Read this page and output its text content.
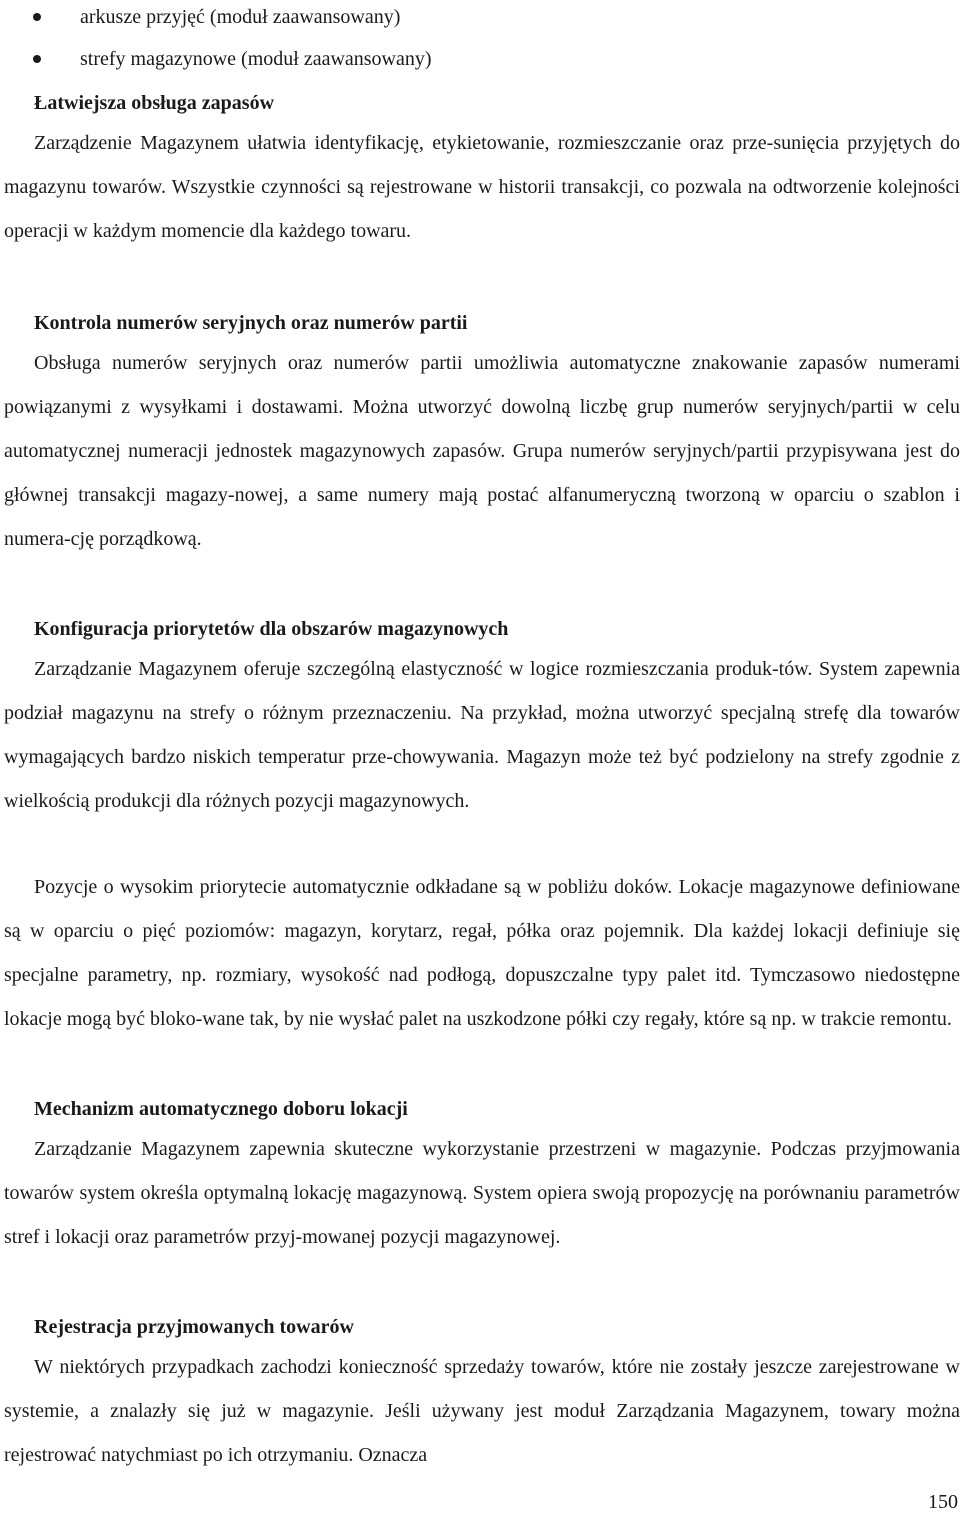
arkusze przyjęć (moduł zaawansowany)
strefy magazynowe (moduł zaawansowany)
Łatwiejsza obsługa zapasów

Zarządzenie Magazynem ułatwia identyfikację, etykietowanie, rozmieszczanie oraz prze-sunięcia przyjętych do magazynu towarów. Wszystkie czynności są rejestrowane w historii transakcji, co pozwala na odtworzenie kolejności operacji w każdym momencie dla każdego towaru.

Kontrola numerów seryjnych oraz numerów partii

Obsługa numerów seryjnych oraz numerów partii umożliwia automatyczne znakowanie zapasów numerami powiązanymi z wysyłkami i dostawami. Można utworzyć dowolną liczbę grup numerów seryjnych/partii w celu automatycznej numeracji jednostek magazynowych zapasów. Grupa numerów seryjnych/partii przypisywana jest do głównej transakcji magazy-nowej, a same numery mają postać alfanumeryczną tworzoną w oparciu o szablon i numera-cję porządkową.

Konfiguracja priorytetów dla obszarów magazynowych

Zarządzanie Magazynem oferuje szczególną elastyczność w logice rozmieszczania produk-tów. System zapewnia podział magazynu na strefy o różnym przeznaczeniu. Na przykład, można utworzyć specjalną strefę dla towarów wymagających bardzo niskich temperatur prze-chowywania. Magazyn może też być podzielony na strefy zgodnie z wielkością produkcji dla różnych pozycji magazynowych.

Pozycje o wysokim priorytecie automatycznie odkładane są w pobliżu doków. Lokacje magazynowe definiowane są w oparciu o pięć poziomów: magazyn, korytarz, regał, półka oraz pojemnik. Dla każdej lokacji definiuje się specjalne parametry, np. rozmiary, wysokość nad podłogą, dopuszczalne typy palet itd. Tymczasowo niedostępne lokacje mogą być bloko-wane tak, by nie wysłać palet na uszkodzone półki czy regały, które są np. w trakcie remontu.

Mechanizm automatycznego doboru lokacji

Zarządzanie Magazynem zapewnia skuteczne wykorzystanie przestrzeni w magazynie. Podczas przyjmowania towarów system określa optymalną lokację magazynową. System opiera swoją propozycję na porównaniu parametrów stref i lokacji oraz parametrów przyj-mowanej pozycji magazynowej.

Rejestracja przyjmowanych towarów

W niektórych przypadkach zachodzi konieczność sprzedaży towarów, które nie zostały jeszcze zarejestrowane w systemie, a znalazły się już w magazynie. Jeśli używany jest moduł Zarządzania Magazynem, towary można rejestrować natychmiast po ich otrzymaniu. Oznacza

150
